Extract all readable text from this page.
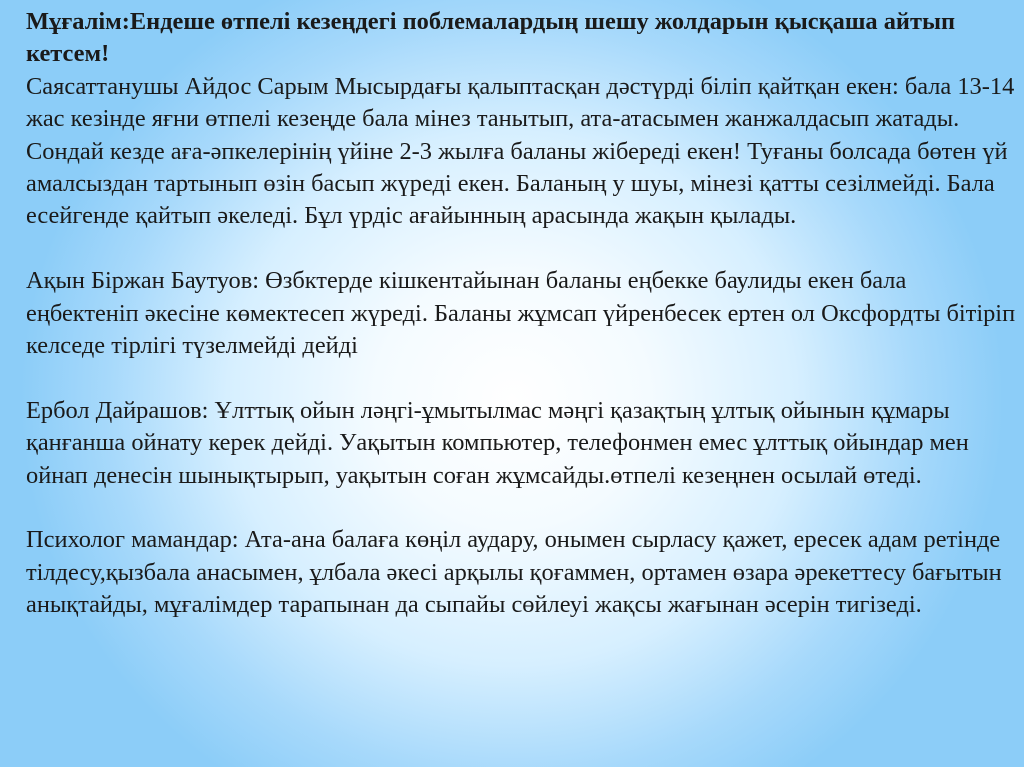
Мұғалім:Ендеше өтпелі кезеңдегі поблемалардың шешу жолдарын қысқаша айтып кетсем!

Саясаттанушы Айдос Сарым Мысырдағы қалыптасқан дәстүрді біліп қайтқан екен: бала 13-14 жас кезінде яғни өтпелі кезеңде бала мінез танытып, ата-атасымен жанжалдасып жатады. Сондай кезде аға-әпкелерінің үйіне 2-3 жылға баланы жібереді екен! Туғаны болсада бөтен үй амалсыздан тартынып өзін басып жүреді екен. Баланың у шуы, мінезі қатты сезілмейді. Бала есейгенде қайтып әкеледі. Бұл үрдіс ағайынның арасында жақын қылады.

Ақын Біржан Баутуов: Өзбктерде кішкентайынан баланы еңбекке баулиды екен бала еңбектеніп әкесіне көмектесеп жүреді. Баланы жұмсап үйренбесек ертен ол Оксфордты бітіріп келседе тірлігі түзелмейді дейді

Ербол Дайрашов: Ұлттық ойын ләңгі-ұмытылмас мәңгі қазақтың ұлтық ойынын құмары қанғанша ойнату керек дейді. Уақытын компьютер, телефонмен емес ұлттық ойындар мен ойнап денесін шынықтырып, уақытын соған жұмсайды.өтпелі кезеңнен осылай өтеді.

Психолог мамандар: Ата-ана балаға көңіл аудару, онымен сырласу қажет, ересек адам ретінде тілдесу,қызбала анасымен, ұлбала әкесі арқылы қоғаммен, ортамен өзара әрекеттесу бағытын анықтайды, мұғалімдер тарапынан да сыпайы сөйлеуі жақсы жағынан әсерін тигізеді.
